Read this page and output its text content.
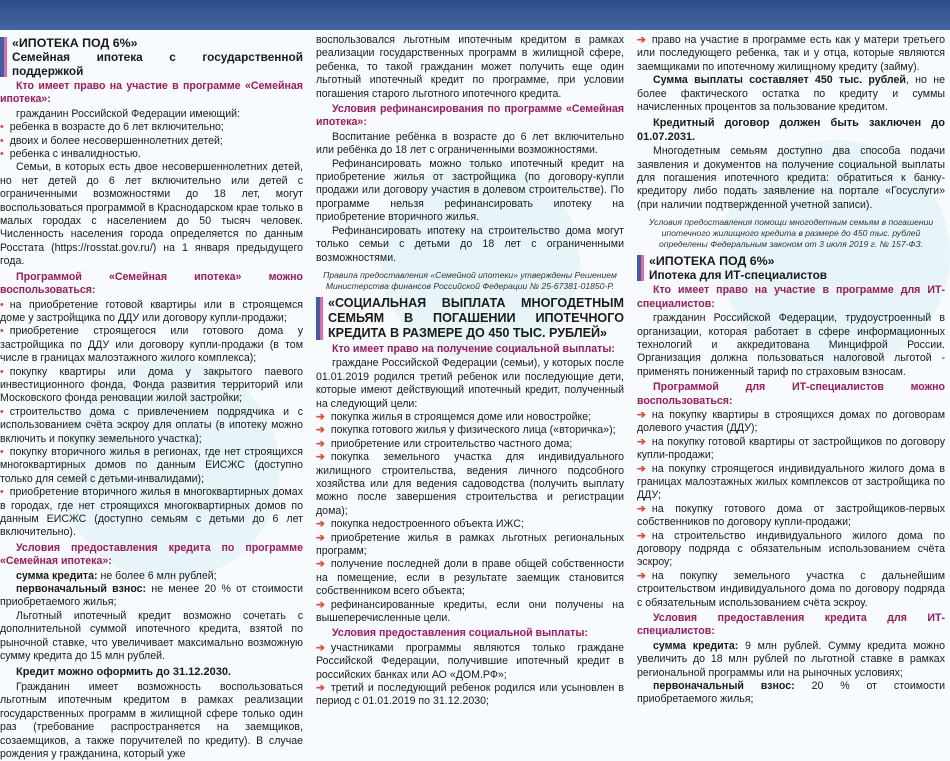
«ИПОТЕКА ПОД 6%»
Семейная ипотека с государственной поддержкой

Кто имеет право на участие в программе «Семейная ипотека»:

гражданин Российской Федерации имеющий:

• ребенка в возрасте до 6 лет включительно;

• двоих и более несовершеннолетних детей;

• ребенка с инвалидностью.

Семьи, в которых есть двое несовершеннолетних детей, но нет детей до 6 лет включительно или детей с ограниченными возможностями до 18 лет, могут воспользоваться программой в Краснодарском крае только в малых городах с населением до 50 тысяч человек. Численность населения города определяется по данным Росстата (https://rosstat.gov.ru/) на 1 января предыдущего года.

Программой «Семейная ипотека» можно воспользоваться:

• на приобретение готовой квартиры или в строящемся доме у застройщика по ДДУ или договору купли-продажи;

• приобретение строящегося или готового дома у застройщика по ДДУ или договору купли-продажи (в том числе в границах малоэтажного жилого комплекса);

• покупку квартиры или дома у закрытого паевого инвестиционного фонда, Фонда развития территорий или Московского фонда реновации жилой застройки;

• строительство дома с привлечением подрядчика и с использованием счёта эскроу для оплаты (в ипотеку можно включить и покупку земельного участка);

• покупку вторичного жилья в регионах, где нет строящихся многоквартирных домов по данным ЕИСЖС (доступно только для семей с детьми-инвалидами);

• приобретение вторичного жилья в многоквартирных домах в городах, где нет строящихся многоквартирных домов по данным ЕИСЖС (доступно семьям с детьми до 6 лет включительно).

Условия предоставления кредита по программе «Семейная ипотека»:

сумма кредита: не более 6 млн рублей;

первоначальный взнос: не менее 20 % от стоимости приобретаемого жилья;

Льготный ипотечный кредит возможно сочетать с дополнительной суммой ипотечного кредита, взятой по рыночной ставке, что увеличивает максимально возможную сумму кредита до 15 млн рублей.

Кредит можно оформить до 31.12.2030.

Гражданин имеет возможность воспользоваться льготным ипотечным кредитом в рамках реализации государственных программ в жилищной сфере только один раз (требование распространяется на заемщиков, созаемщиков, а также поручителей по кредиту). В случае рождения у гражданина, который уже

воспользовался льготным ипотечным кредитом в рамках реализации государственных программ в жилищной сфере, ребенка, то такой гражданин может получить еще один льготный ипотечный кредит по программе, при условии погашения старого льготного ипотечного кредита.

Условия рефинансирования по программе «Семейная ипотека»:

Воспитание ребёнка в возрасте до 6 лет включительно или ребёнка до 18 лет с ограниченными возможностями.

Рефинансировать можно только ипотечный кредит на приобретение жилья от застройщика (по договору-купли продажи или договору участия в долевом строительстве). По программе нельзя рефинансировать ипотеку на приобретение вторичного жилья.

Рефинансировать ипотеку на строительство дома могут только семьи с детьми до 18 лет с ограниченными возможностями.

Правила предоставления «Семейной ипотеки» утверждены Решением Министерства финансов Российской Федерации № 25-67381-01850-Р.

«СОЦИАЛЬНАЯ ВЫПЛАТА МНОГОДЕТНЫМ СЕМЬЯМ В ПОГАШЕНИИ ИПОТЕЧНОГО КРЕДИТА В РАЗМЕРЕ ДО 450 ТЫС. РУБЛЕЙ»

Кто имеет право на получение социальной выплаты:

граждане Российской Федерации (семьи), у которых после 01.01.2019 родился третий ребенок или последующие дети, которые имеют действующий ипотечный кредит, полученный на следующий цели:

➔ покупка жилья в строящемся доме или новостройке;

➔ покупка готового жилья у физического лица («вторичка»);

➔ приобретение или строительство частного дома;

➔ покупка земельного участка для индивидуального жилищного строительства, ведения личного подсобного хозяйства или для ведения садоводства (получить выплату можно после завершения строительства и регистрации дома);

➔ покупка недостроенного объекта ИЖС;

➔ приобретение жилья в рамках льготных региональных программ;

➔ получение последней доли в праве общей собственности на помещение, если в результате заемщик становится собственником всего объекта;

➔ рефинансированные кредиты, если они получены на вышеперечисленные цели.

Условия предоставления социальной выплаты:

➔ участниками программы являются только граждане Российской Федерации, получившие ипотечный кредит в российских банках или АО «ДОМ.РФ»;

➔ третий и последующий ребенок родился или усыновлен в период с 01.01.2019 по 31.12.2030;

➔ право на участие в программе есть как у матери третьего или последующего ребенка, так и у отца, которые являются заемщиками по ипотечному жилищному кредиту (займу).

Сумма выплаты составляет 450 тыс. рублей, но не более фактического остатка по кредиту и суммы начисленных процентов за пользование кредитом.

Кредитный договор должен быть заключен до 01.07.2031.

Многодетным семьям доступно два способа подачи заявления и документов на получение социальной выплаты для погашения ипотечного кредита: обратиться к банку-кредитору либо подать заявление на портале «Госуслуги» (при наличии подтвержденной учетной записи).

Условия предоставления помощи многодетным семьям в погашении ипотечного жилищного кредита в размере до 450 тыс. рублей определены Федеральным законом от 3 июля 2019 г. № 157-ФЗ.

«ИПОТЕКА ПОД 6%»
Ипотека для ИТ-специалистов

Кто имеет право на участие в программе для ИТ-специалистов:

гражданин Российской Федерации, трудоустроенный в организации, которая работает в сфере информационных технологий и аккредитована Минцифрой России. Организация должна пользоваться налоговой льготой - применять пониженный тариф по страховым взносам.

Программой для ИТ-специалистов можно воспользоваться:

➔ на покупку квартиры в строящихся домах по договорам долевого участия (ДДУ);

➔ на покупку готовой квартиры от застройщиков по договору купли-продажи;

➔ на покупку строящегося индивидуального жилого дома в границах малоэтажных жилых комплексов от застройщика по ДДУ;

➔ на покупку готового дома от застройщиков-первых собственников по договору купли-продажи;

➔ на строительство индивидуального жилого дома по договору подряда с обязательным использованием счёта эскроу;

➔ на покупку земельного участка с дальнейшим строительством индивидуального дома по договору подряда с обязательным использованием счёта эскроу.

Условия предоставления кредита для ИТ-специалистов:

сумма кредита: 9 млн рублей. Сумму кредита можно увеличить до 18 млн рублей по льготной ставке в рамках региональной программы или на рыночных условиях;

первоначальный взнос: 20 % от стоимости приобретаемого жилья;
